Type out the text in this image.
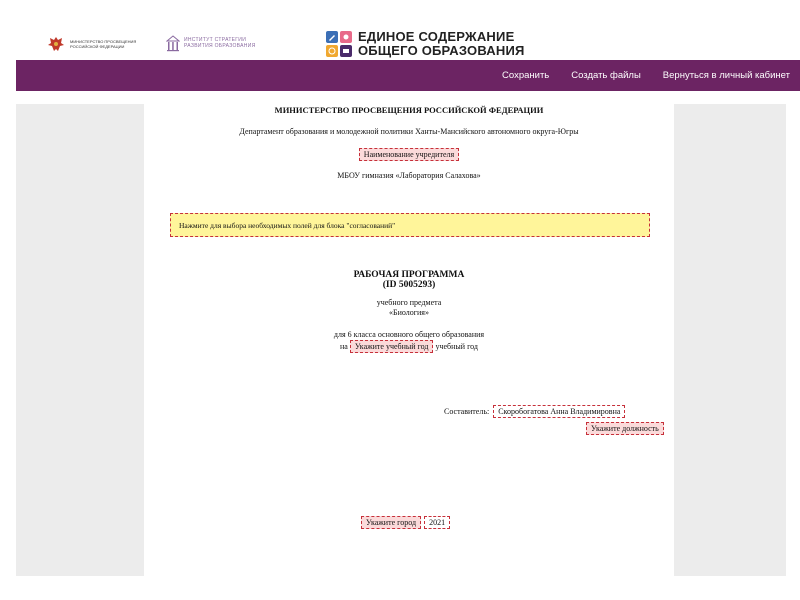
МИНИСТЕРСТВО ПРОСВЕЩЕНИЯ РОССИЙСКОЙ ФЕДЕРАЦИИ
ИНСТИТУТ СТРАТЕГИИ
РАЗВИТИЯ ОБРАЗОВАНИЯ
ЕДИНОЕ СОДЕРЖАНИЕ
ОБЩЕГО ОБРАЗОВАНИЯ
Сохранить Создать файлы Вернуться в личный кабинет
МИНИСТЕРСТВО ПРОСВЕЩЕНИЯ РОССИЙСКОЙ ФЕДЕРАЦИИ
Департамент образования и молодежной политики Ханты-Мансийского автономного округа-Югры
Наименование учредителя
МБОУ гимназия «Лаборатория Салахова»
Нажмите для выбора необходимых полей для блока "согласований"
РАБОЧАЯ ПРОГРАММА
(ID 5005293)
учебного предмета
«Биология»
для 6 класса основного общего образования
на Укажите учебный год учебный год
Составитель:	Скоробогатова Анна Владимировна
Укажите должность
Укажите город	2021
